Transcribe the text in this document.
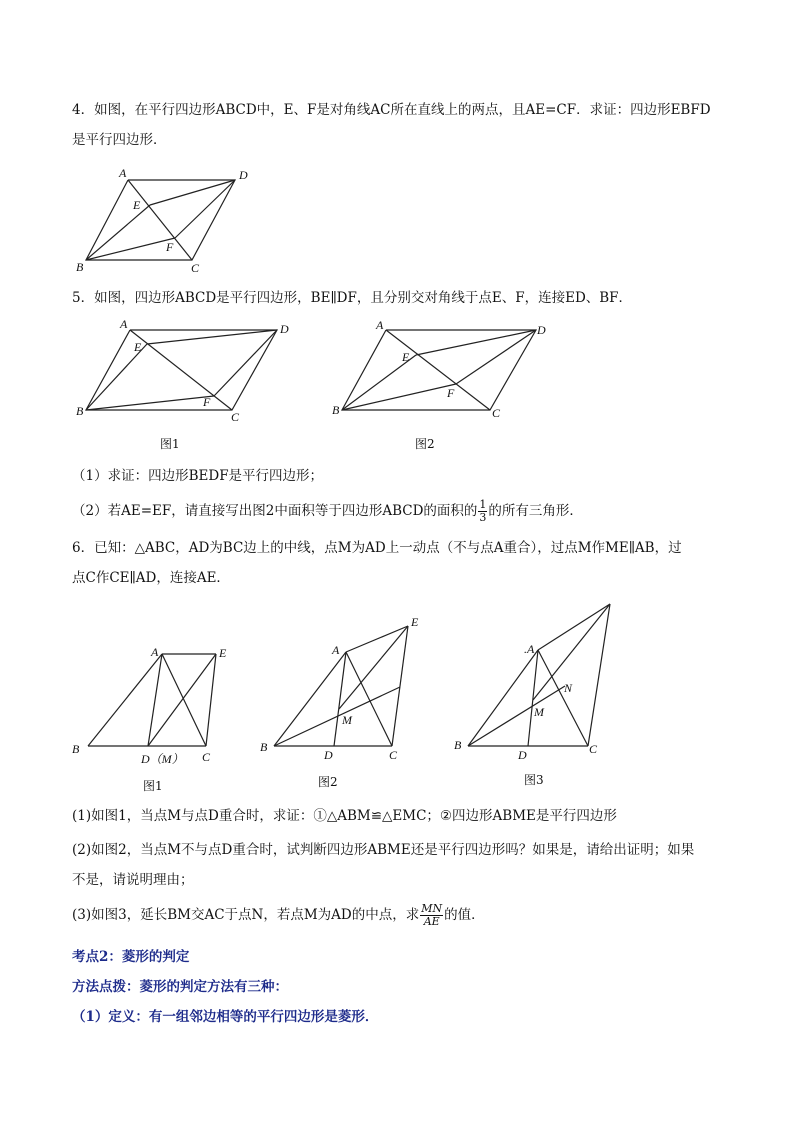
4．如图，在平行四边形ABCD中，E、F是对角线AC所在直线上的两点，且AE=CF．求证：四边形EBFD
是平行四边形．
A	D
E
F
B	C
5．如图，四边形ABCD是平行四边形，BE∥DF，且分别交对角线于点E、F，连接ED、BF．
A	D
E
F
B	C
A	D
E
F
B	C
图1	图2
（1）求证：四边形BEDF是平行四边形；
（2）若AE=EF，请直接写出图2中面积等于四边形ABCD的面积的 $\frac{1}{3}$ 的所有三角形．
6．已知：△ABC，AD为BC边上的中线，点M为AD上一动点（不与点A重合），过点M作ME∥AB，过
点C作CE∥AD，连接AE．
A	E
B
D（M） C
A
E
M
B
D	C
.A
N
M
B
D	C
图1	图2	图3
(1)如图1，当点M与点D重合时，求证：①△ABM≌△EMC；②四边形ABME是平行四边形
(2)如图2，当点M不与点D重合时，试判断四边形ABME还是平行四边形吗？如果是，请给出证明；如果
不是，请说明理由；
(3)如图3，延长BM交AC于点N，若点M为AD的中点，求 $\frac{MN}{AE}$ 的值．
考点2：菱形的判定
方法点拨：菱形的判定方法有三种：
（1）定义：有一组邻边相等的平行四边形是菱形．
